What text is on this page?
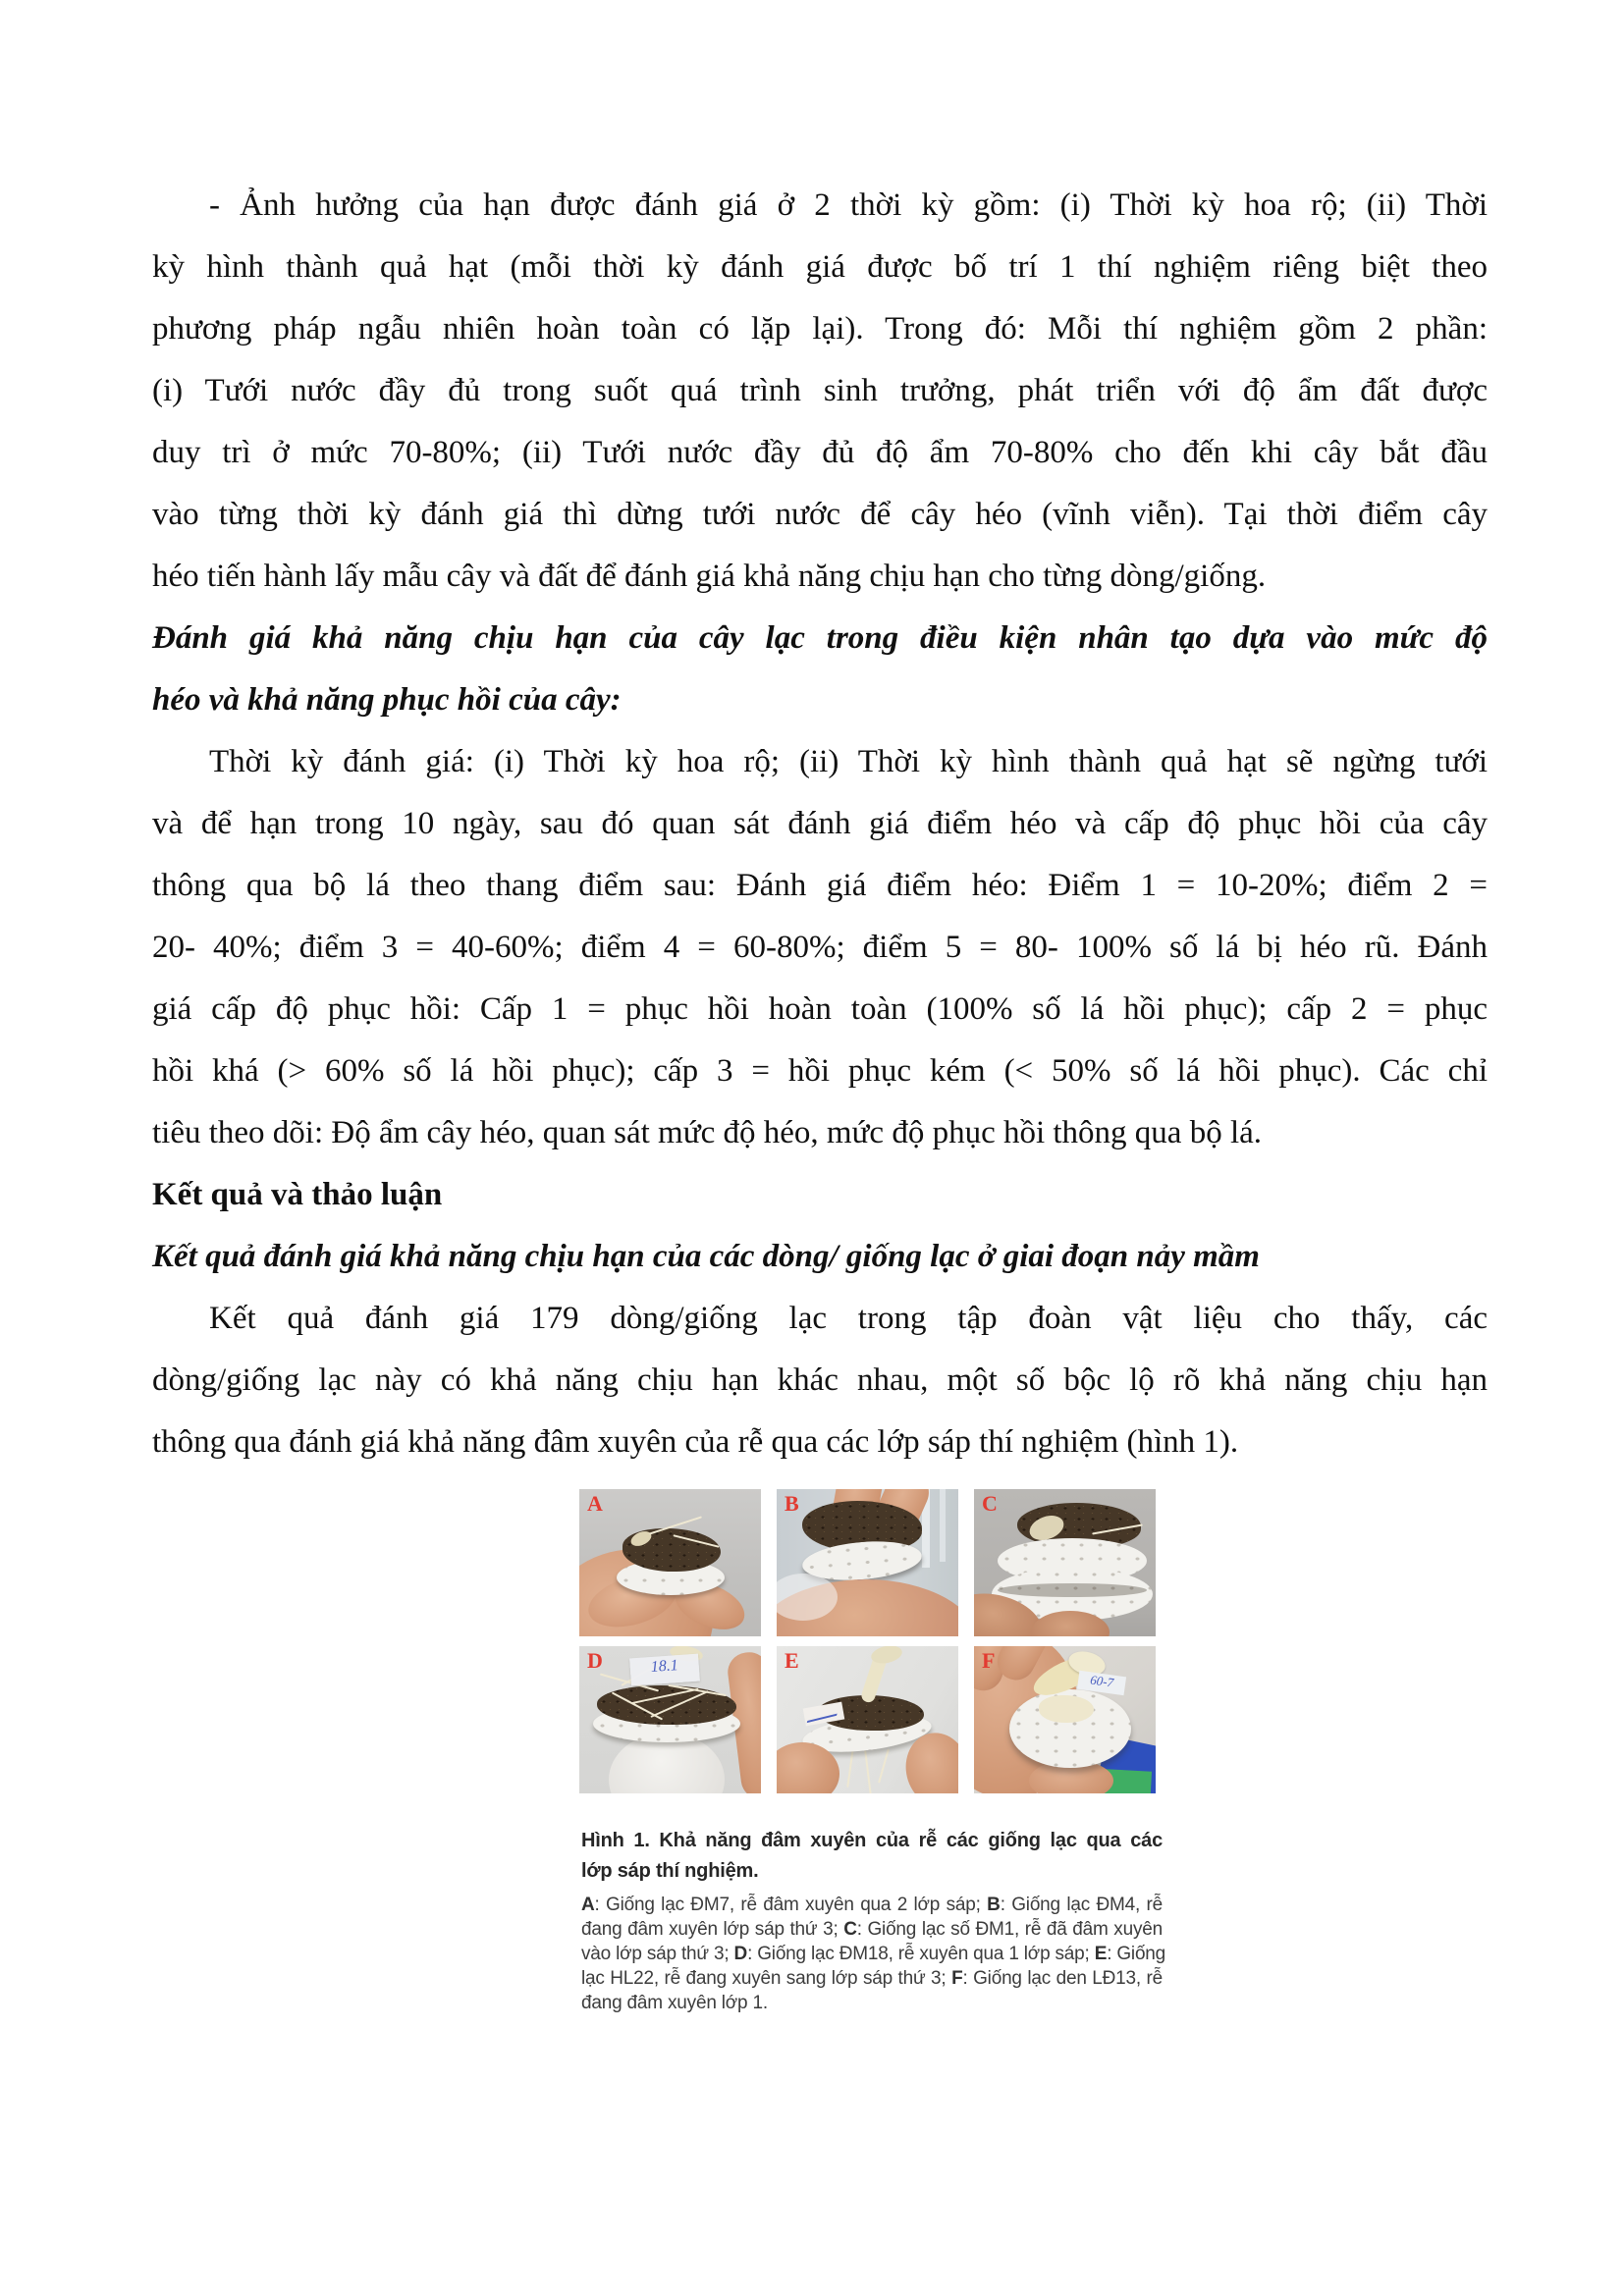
- Ảnh hưởng của hạn được đánh giá ở 2 thời kỳ gồm: (i) Thời kỳ hoa rộ; (ii) Thời
kỳ hình thành quả hạt (mỗi thời kỳ đánh giá được bố trí 1 thí nghiệm riêng biệt theo
phương pháp ngẫu nhiên hoàn toàn có lặp lại). Trong đó: Mỗi thí nghiệm gồm 2 phần:
(i) Tưới nước đầy đủ trong suốt quá trình sinh trưởng, phát triển với độ ẩm đất được
duy trì ở mức 70-80%; (ii) Tưới nước đầy đủ độ ẩm 70-80% cho đến khi cây bắt đầu
vào từng thời kỳ đánh giá thì dừng tưới nước để cây héo (vĩnh viễn). Tại thời điểm cây
héo tiến hành lấy mẫu cây và đất để đánh giá khả năng chịu hạn cho từng dòng/giống.
Đánh giá khả năng chịu hạn của cây lạc trong điều kiện nhân tạo dựa vào mức độ
héo và khả năng phục hồi của cây:
Thời kỳ đánh giá: (i) Thời kỳ hoa rộ; (ii) Thời kỳ hình thành quả hạt sẽ ngừng tưới
và để hạn trong 10 ngày, sau đó quan sát đánh giá điểm héo và cấp độ phục hồi của cây
thông qua bộ lá theo thang điểm sau: Đánh giá điểm héo: Điểm 1 = 10-20%; điểm 2 =
20- 40%; điểm 3 = 40-60%; điểm 4 = 60-80%; điểm 5 = 80- 100% số lá bị héo rũ. Đánh
giá cấp độ phục hồi: Cấp 1 = phục hồi hoàn toàn (100% số lá hồi phục); cấp 2 = phục
hồi khá (> 60% số lá hồi phục); cấp 3 = hồi phục kém (< 50% số lá hồi phục). Các chỉ
tiêu theo dõi: Độ ẩm cây héo, quan sát mức độ héo, mức độ phục hồi thông qua bộ lá.
Kết quả và thảo luận
Kết quả đánh giá khả năng chịu hạn của các dòng/ giống lạc ở giai đoạn nảy mầm
Kết quả đánh giá 179 dòng/giống lạc trong tập đoàn vật liệu cho thấy, các
dòng/giống lạc này có khả năng chịu hạn khác nhau, một số bộc lộ rõ khả năng chịu hạn
thông qua đánh giá khả năng đâm xuyên của rễ qua các lớp sáp thí nghiệm (hình 1).
A	B	C
18.1
D	E
60-7
F
Hình 1. Khả năng đâm xuyên của rễ các giống lạc qua các
lớp sáp thí nghiệm.
A: Giống lạc ĐM7, rễ đâm xuyên qua 2 lớp sáp; B: Giống lạc ĐM4, rễ
đang đâm xuyên lớp sáp thứ 3; C: Giống lạc số ĐM1, rễ đã đâm xuyên
vào lớp sáp thứ 3; D: Giống lạc ĐM18, rễ xuyên qua 1 lớp sáp; E: Giống
lạc HL22, rễ đang xuyên sang lớp sáp thứ 3; F: Giống lạc den LĐ13, rễ
đang đâm xuyên lớp 1.
